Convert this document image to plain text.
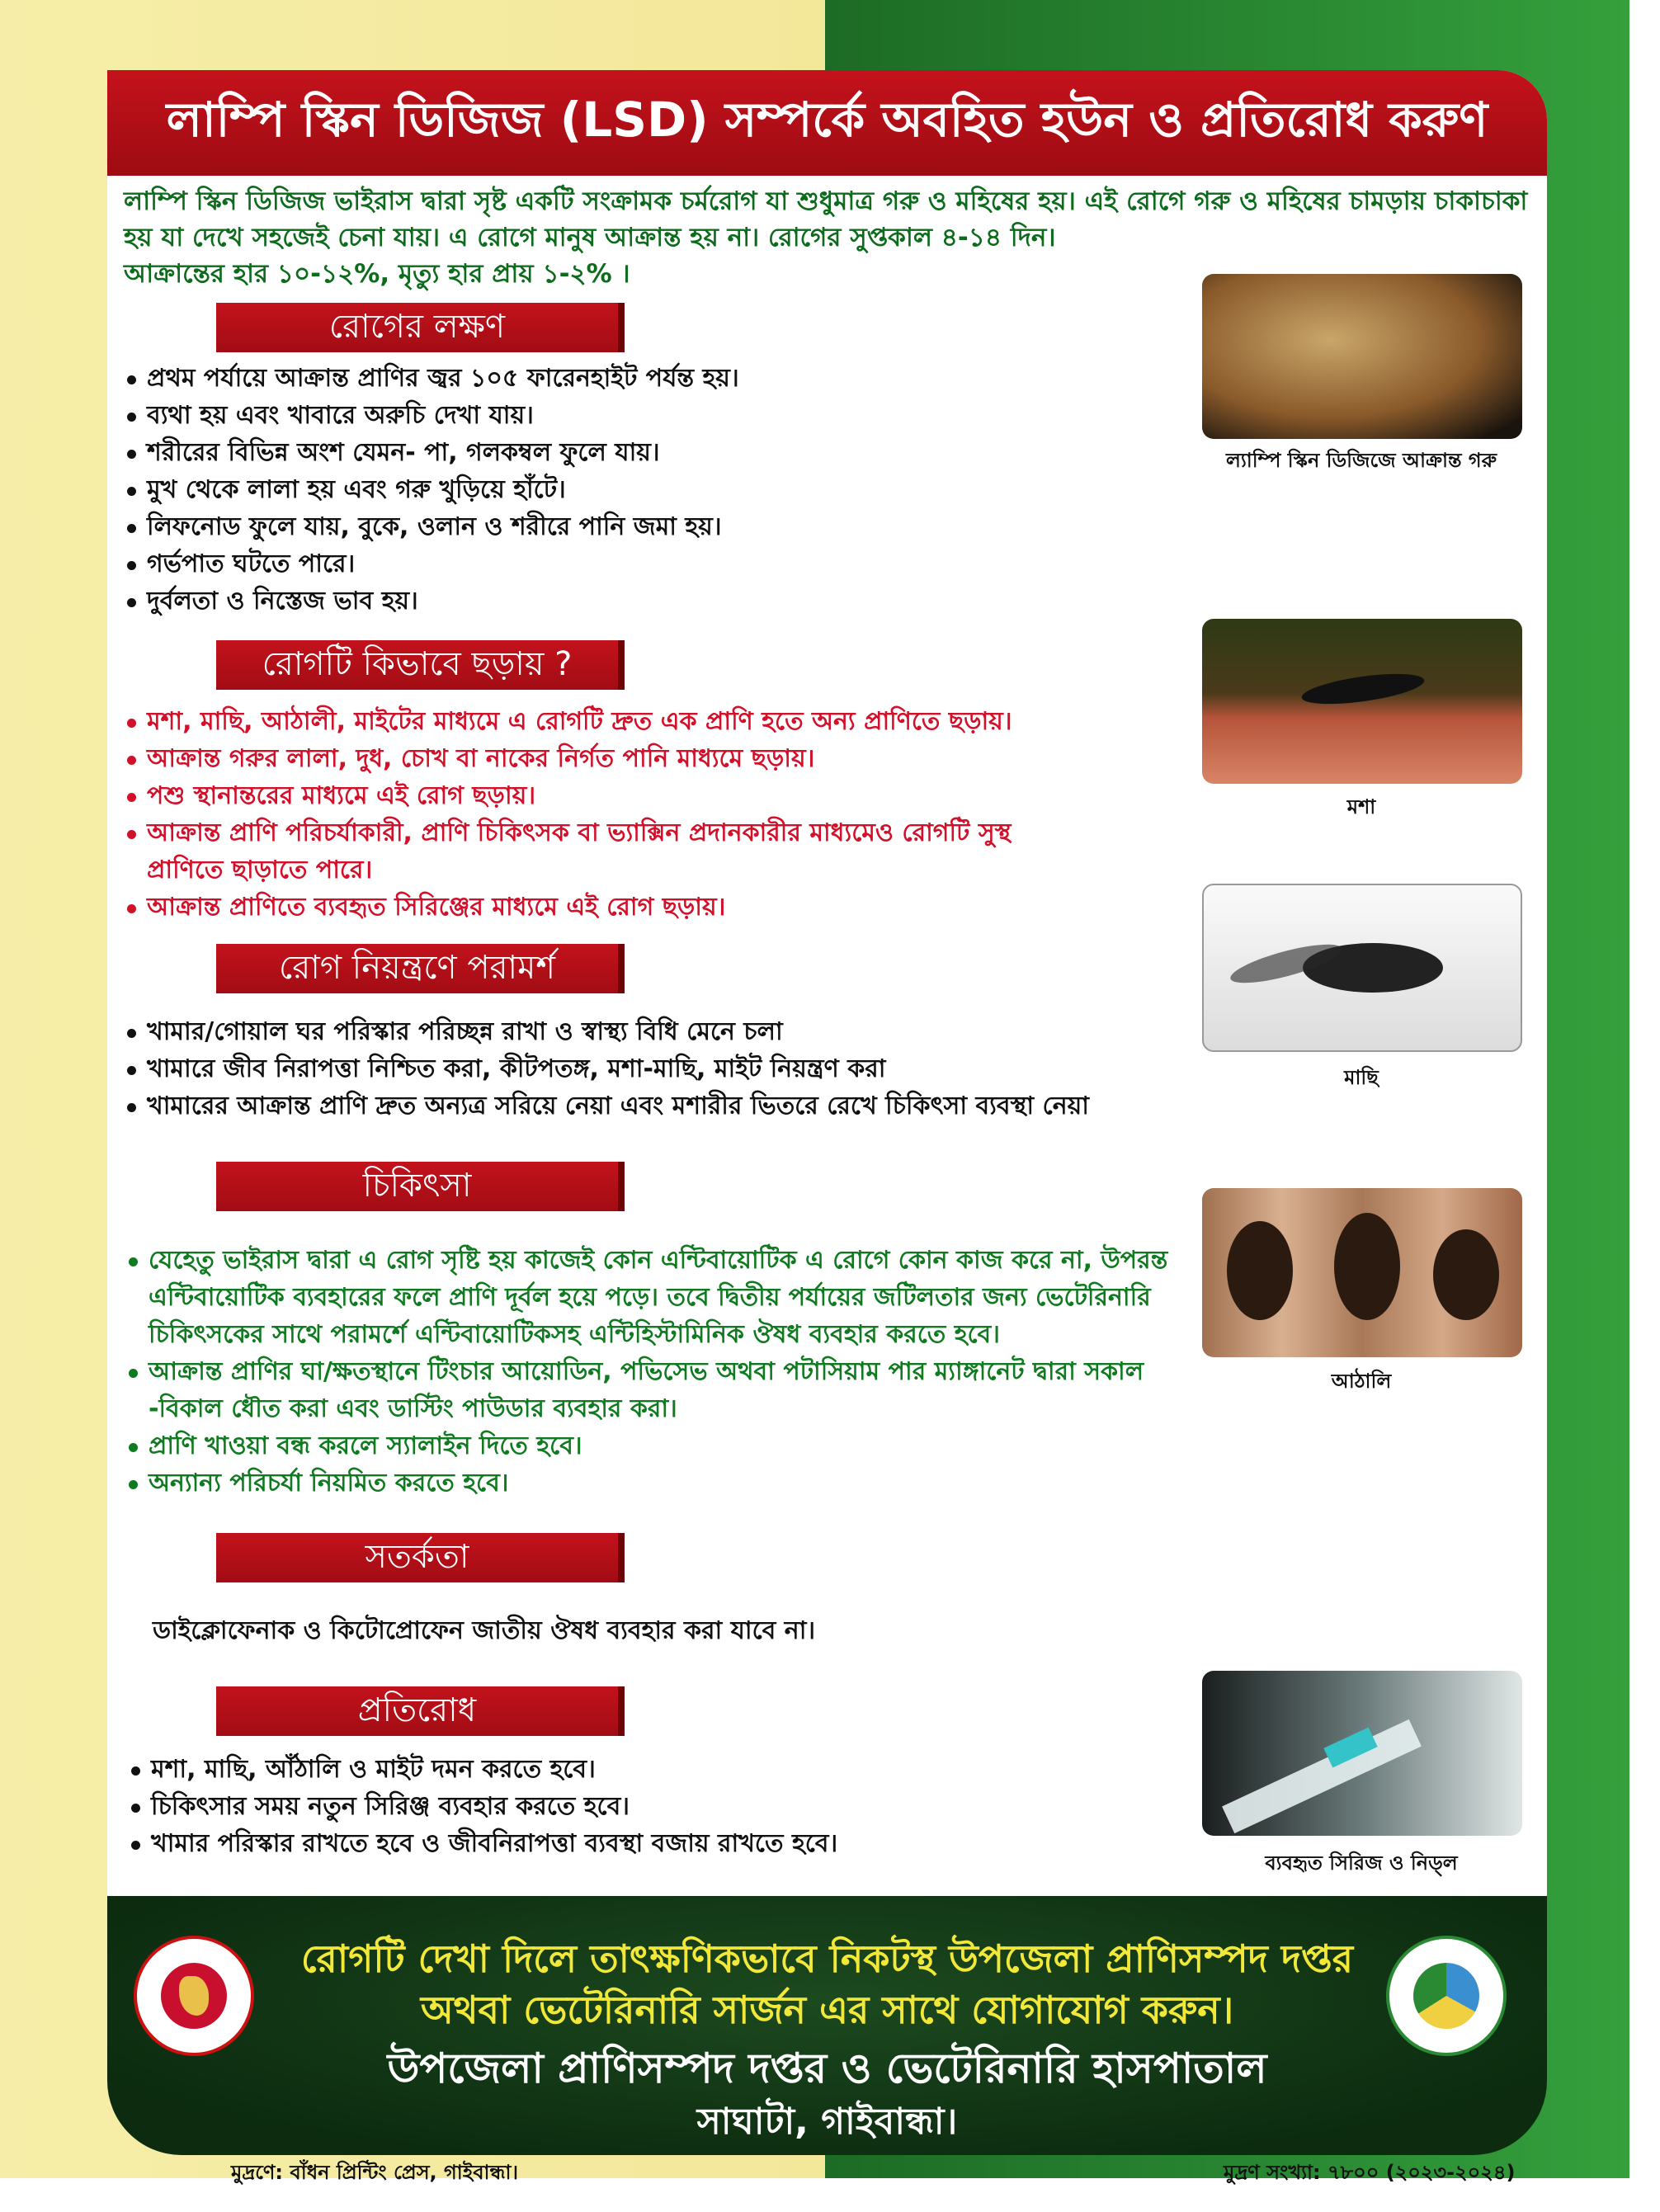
লাম্পি স্কিন ডিজিজ (LSD) সম্পর্কে অবহিত হউন ও প্রতিরোধ করুণ
লাম্পি স্কিন ডিজিজ ভাইরাস দ্বারা সৃষ্ট একটি সংক্রামক চর্মরোগ যা শুধুমাত্র গরু ও মহিষের হয়। এই রোগে গরু ও মহিষের চামড়ায় চাকাচাকা হয় যা দেখে সহজেই চেনা যায়। এ রোগে মানুষ আক্রান্ত হয় না। রোগের সুপ্তকাল ৪-১৪ দিন।
আক্রান্তের হার ১০-১২%, মৃত্যু হার প্রায় ১-২% ।
রোগের লক্ষণ
প্রথম পর্যায়ে আক্রান্ত প্রাণির জ্বর ১০৫ ফারেনহাইট পর্যন্ত হয়।
ব্যথা হয় এবং খাবারে অরুচি দেখা যায়।
শরীরের বিভিন্ন অংশ যেমন- পা, গলকম্বল ফুলে যায়।
মুখ থেকে লালা হয় এবং গরু খুড়িয়ে হাঁটে।
লিফনোড ফুলে যায়, বুকে, ওলান ও শরীরে পানি জমা হয়।
গর্ভপাত ঘটতে পারে।
দুর্বলতা ও নিস্তেজ ভাব হয়।
রোগটি কিভাবে ছড়ায় ?
মশা, মাছি, আঠালী, মাইটের মাধ্যমে এ রোগটি দ্রুত এক প্রাণি হতে অন্য প্রাণিতে ছড়ায়।
আক্রান্ত গরুর লালা, দুধ, চোখ বা নাকের নির্গত পানি মাধ্যমে ছড়ায়।
পশু স্থানান্তরের মাধ্যমে এই রোগ ছড়ায়।
আক্রান্ত প্রাণি পরিচর্যাকারী, প্রাণি চিকিৎসক বা ভ্যাক্সিন প্রদানকারীর মাধ্যমেও রোগটি সুস্থ প্রাণিতে ছাড়াতে পারে।
আক্রান্ত প্রাণিতে ব্যবহৃত সিরিঞ্জের মাধ্যমে এই রোগ ছড়ায়।
রোগ নিয়ন্ত্রণে পরামর্শ
খামার/গোয়াল ঘর পরিস্কার পরিচ্ছন্ন রাখা ও স্বাস্থ্য বিধি মেনে চলা
খামারে জীব নিরাপত্তা নিশ্চিত করা, কীটপতঙ্গ, মশা-মাছি, মাইট নিয়ন্ত্রণ করা
খামারের আক্রান্ত প্রাণি দ্রুত অন্যত্র সরিয়ে নেয়া এবং মশারীর ভিতরে রেখে চিকিৎসা ব্যবস্থা নেয়া
চিকিৎসা
যেহেতু ভাইরাস দ্বারা এ রোগ সৃষ্টি হয় কাজেই কোন এন্টিবায়োটিক এ রোগে কোন কাজ করে না, উপরন্ত এন্টিবায়োটিক ব্যবহারের ফলে প্রাণি দূর্বল হয়ে পড়ে। তবে দ্বিতীয় পর্যায়ের জটিলতার জন্য ভেটেরিনারি চিকিৎসকের সাথে পরামর্শে এন্টিবায়োটিকসহ এন্টিহিস্টামিনিক ঔষধ ব্যবহার করতে হবে।
আক্রান্ত প্রাণির ঘা/ক্ষতস্থানে টিংচার আয়োডিন, পভিসেভ অথবা পটাসিয়াম পার ম্যাঙ্গানেট দ্বারা সকাল -বিকাল ধৌত করা এবং ডাস্টিং পাউডার ব্যবহার করা।
প্রাণি খাওয়া বন্ধ করলে স্যালাইন দিতে হবে।
অন্যান্য পরিচর্যা নিয়মিত করতে হবে।
সতর্কতা
ডাইক্লোফেনাক ও কিটোপ্রোফেন জাতীয় ঔষধ ব্যবহার করা যাবে না।
প্রতিরোধ
মশা, মাছি, আঁঠালি ও মাইট দমন করতে হবে।
চিকিৎসার সময় নতুন সিরিঞ্জ ব্যবহার করতে হবে।
খামার পরিস্কার রাখতে হবে ও জীবনিরাপত্তা ব্যবস্থা বজায় রাখতে হবে।
ল্যাম্পি স্কিন ডিজিজে আক্রান্ত গরু
মশা
মাছি
আঠালি
ব্যবহৃত সিরিজ ও নিড্ল
রোগটি দেখা দিলে তাৎক্ষণিকভাবে নিকটস্থ উপজেলা প্রাণিসম্পদ দপ্তর
অথবা ভেটেরিনারি সার্জন এর সাথে যোগাযোগ করুন।
উপজেলা প্রাণিসম্পদ দপ্তর ও ভেটেরিনারি হাসপাতাল
সাঘাটা, গাইবান্ধা।
মুদ্রণে: বাঁধন প্রিন্টিং প্রেস, গাইবান্ধা।	মুদ্রণ সংখ্যা: ৭৮০০ (২০২৩-২০২৪)
